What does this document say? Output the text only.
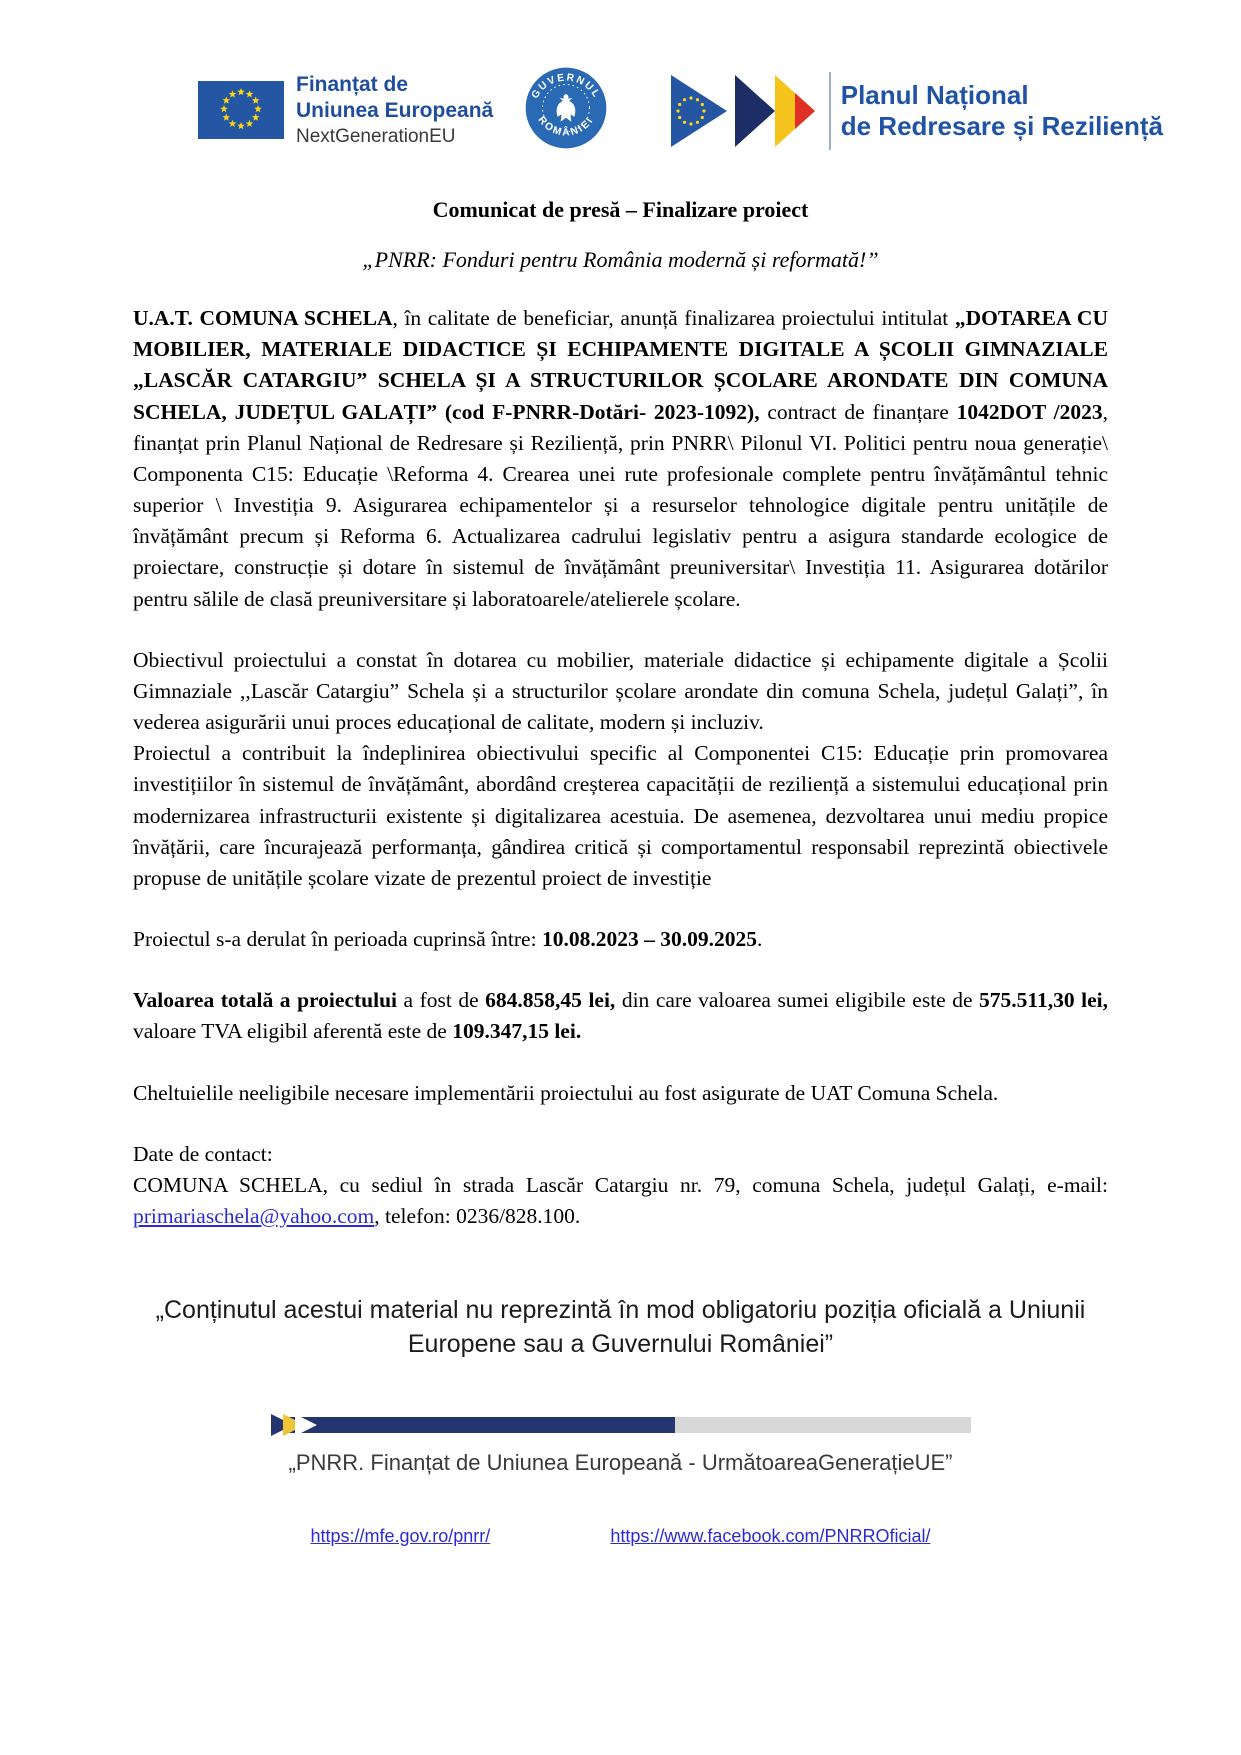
Finanțat de
Uniunea Europeană
NextGenerationEU
GUVERNUL
ROMÂNIEI
Planul Național
de Redresare și Reziliență
Comunicat de presă – Finalizare proiect

„PNRR: Fonduri pentru România modernă și reformată!”

U.A.T. COMUNA SCHELA, în calitate de beneficiar, anunță finalizarea proiectului intitulat „DOTAREA CU MOBILIER, MATERIALE DIDACTICE ȘI ECHIPAMENTE DIGITALE A ȘCOLII GIMNAZIALE „LASCĂR CATARGIU” SCHELA ȘI A STRUCTURILOR ȘCOLARE ARONDATE DIN COMUNA SCHELA, JUDEȚUL GALAȚI” (cod F-PNRR-Dotări- 2023-1092), contract de finanțare 1042DOT /2023, finanțat prin Planul Național de Redresare și Reziliență, prin PNRR\ Pilonul VI. Politici pentru noua generație\ Componenta C15: Educație \Reforma 4. Crearea unei rute profesionale complete pentru învățământul tehnic superior \ Investiția 9. Asigurarea echipamentelor și a resurselor tehnologice digitale pentru unitățile de învățământ precum și Reforma 6. Actualizarea cadrului legislativ pentru a asigura standarde ecologice de proiectare, construcție și dotare în sistemul de învățământ preuniversitar\ Investiția 11. Asigurarea dotărilor pentru sălile de clasă preuniversitare și laboratoarele/atelierele școlare.

Obiectivul proiectului a constat în dotarea cu mobilier, materiale didactice și echipamente digitale a Școlii Gimnaziale ,,Lascăr Catargiu” Schela și a structurilor școlare arondate din comuna Schela, județul Galați”, în vederea asigurării unui proces educațional de calitate, modern și incluziv.

Proiectul a contribuit la îndeplinirea obiectivului specific al Componentei C15: Educație prin promovarea investițiilor în sistemul de învățământ, abordând creșterea capacității de reziliență a sistemului educațional prin modernizarea infrastructurii existente și digitalizarea acestuia. De asemenea, dezvoltarea unui mediu propice învățării, care încurajează performanța, gândirea critică și comportamentul responsabil reprezintă obiectivele propuse de unitățile școlare vizate de prezentul proiect de investiție

Proiectul s-a derulat în perioada cuprinsă între: 10.08.2023 – 30.09.2025.

Valoarea totală a proiectului a fost de 684.858,45 lei, din care valoarea sumei eligibile este de 575.511,30 lei, valoare TVA eligibil aferentă este de 109.347,15 lei.

Cheltuielile neeligibile necesare implementării proiectului au fost asigurate de UAT Comuna Schela.

Date de contact:

COMUNA SCHELA, cu sediul în strada Lascăr Catargiu nr. 79, comuna Schela, județul Galați, e-mail: primariaschela@yahoo.com, telefon: 0236/828.100.

„Conținutul acestui material nu reprezintă în mod obligatoriu poziția oficială a Uniunii Europene sau a Guvernului României”
„PNRR. Finanțat de Uniunea Europeană - UrmătoareaGenerațieUE”
https://mfe.gov.ro/pnrr/	https://www.facebook.com/PNRROficial/
